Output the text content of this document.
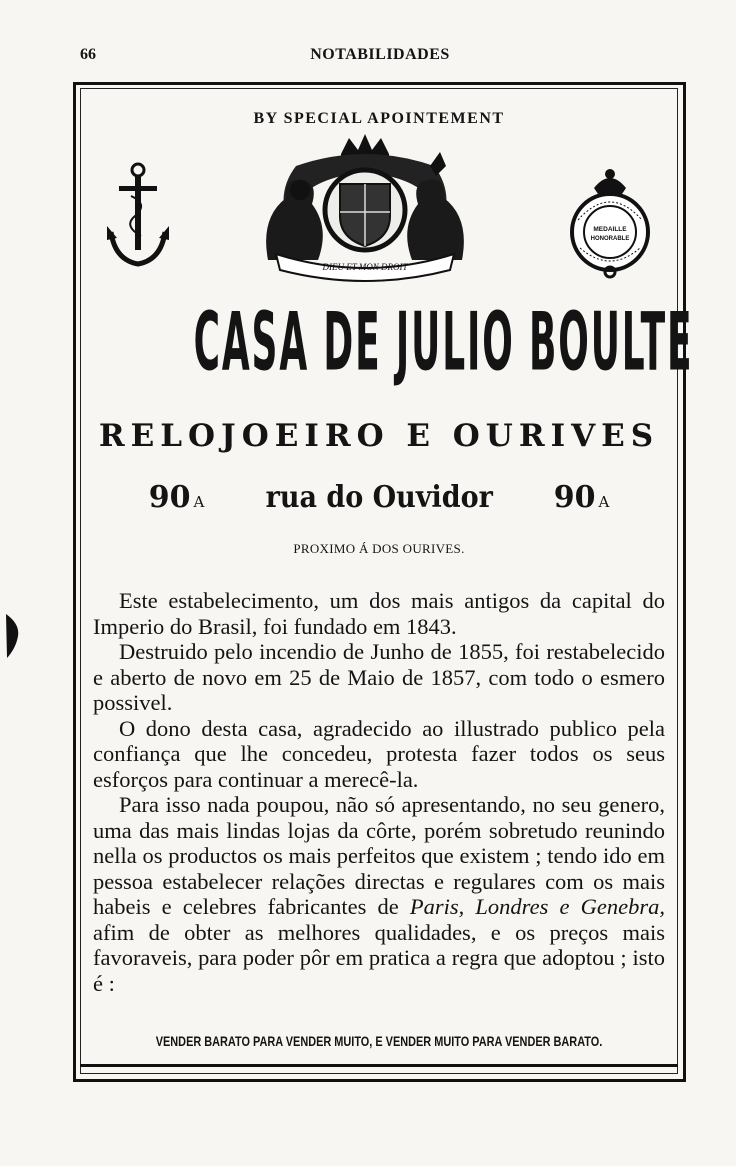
66	NOTABILIDADES
BY SPECIAL APOINTEMENT
DIEU ET MON DROIT
MEDAILLE
HONORABLE
CASA DE JULIO BOULTE
RELOJOEIRO E OURIVES
90 A rua do Ouvidor 90 A
PROXIMO Á DOS OURIVES.

Este estabelecimento, um dos mais antigos da capital do Imperio do Brasil, foi fundado em 1843.

Destruido pelo incendio de Junho de 1855, foi restabelecido e aberto de novo em 25 de Maio de 1857, com todo o esmero possivel.

O dono desta casa, agradecido ao illustrado publico pela confiança que lhe concedeu, protesta fazer todos os seus esforços para continuar a merecê-la.

Para isso nada poupou, não só apresentando, no seu genero, uma das mais lindas lojas da côrte, porém sobretudo reunindo nella os productos os mais perfeitos que existem ; tendo ido em pessoa estabelecer relações directas e regulares com os mais habeis e celebres fabricantes de Paris, Londres e Genebra, afim de obter as melhores qualidades, e os preços mais favoraveis, para poder pôr em pratica a regra que adoptou ; isto é :

VENDER BARATO PARA VENDER MUITO, E VENDER MUITO PARA VENDER BARATO.
